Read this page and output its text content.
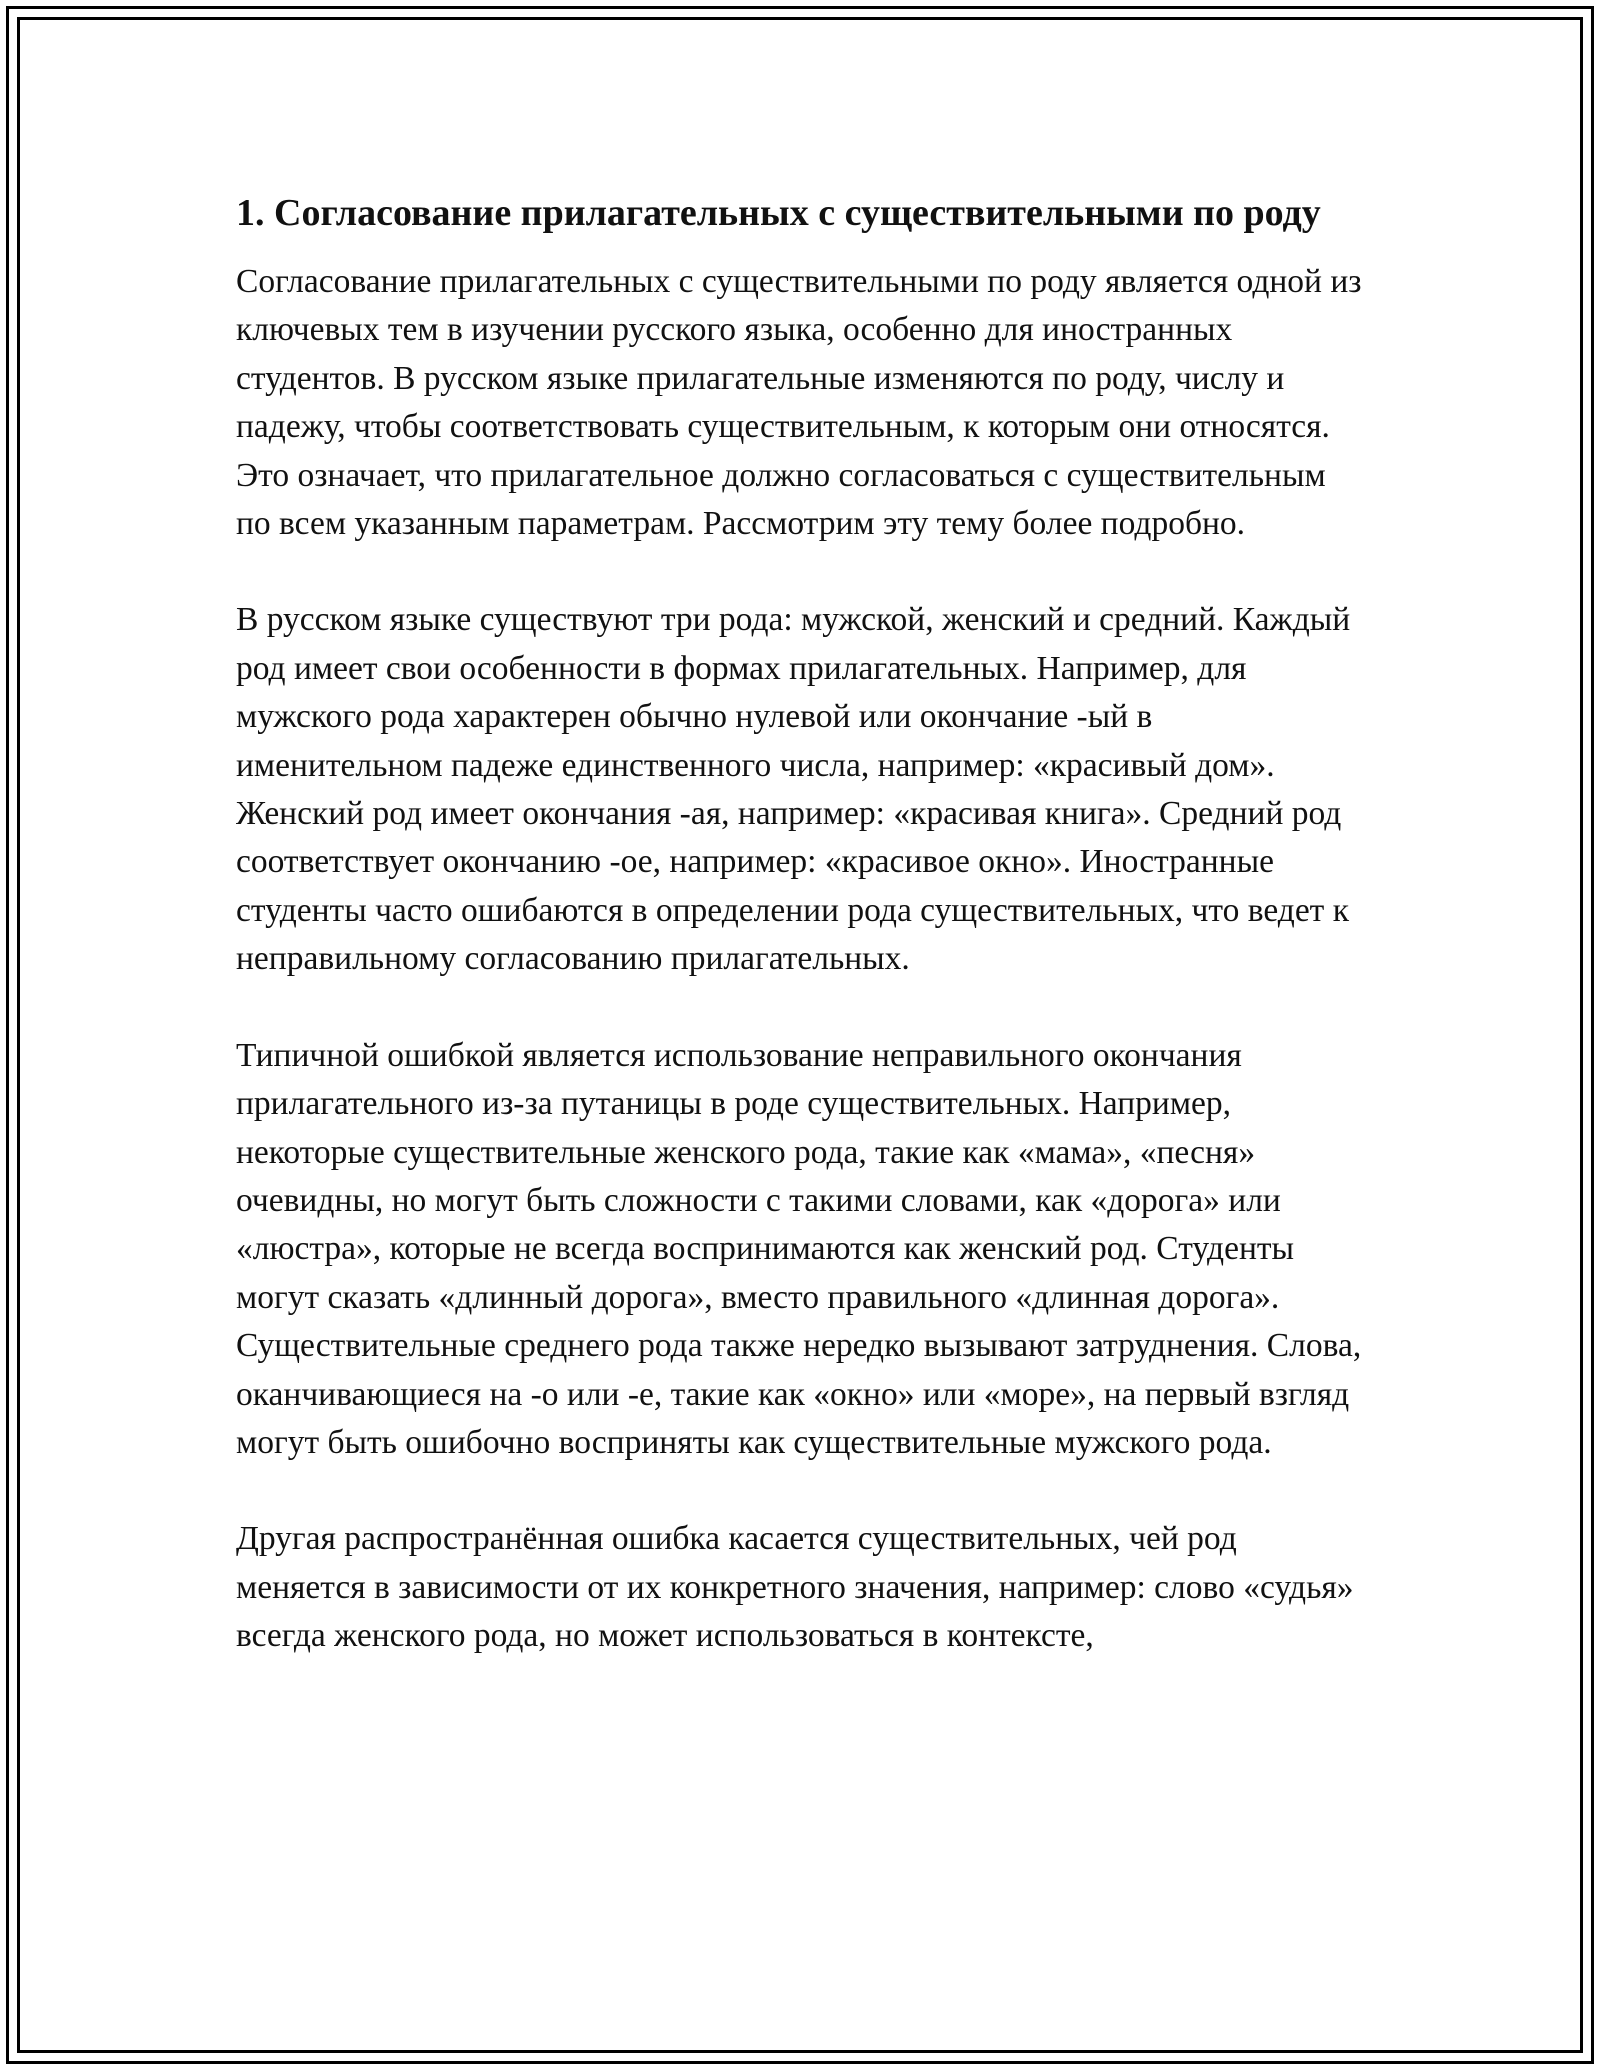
1. Согласование прилагательных с существительными по роду

Согласование прилагательных с существительными по роду является одной из ключевых тем в изучении русского языка, особенно для иностранных студентов. В русском языке прилагательные изменяются по роду, числу и падежу, чтобы соответствовать существительным, к которым они относятся. Это означает, что прилагательное должно согласоваться с существительным по всем указанным параметрам. Рассмотрим эту тему более подробно.

В русском языке существуют три рода: мужской, женский и средний. Каждый род имеет свои особенности в формах прилагательных. Например, для мужского рода характерен обычно нулевой или окончание -ый в именительном падеже единственного числа, например: «красивый дом». Женский род имеет окончания -ая, например: «красивая книга». Средний род соответствует окончанию -ое, например: «красивое окно». Иностранные студенты часто ошибаются в определении рода существительных, что ведет к неправильному согласованию прилагательных.

Типичной ошибкой является использование неправильного окончания прилагательного из-за путаницы в роде существительных. Например, некоторые существительные женского рода, такие как «мама», «песня» очевидны, но могут быть сложности с такими словами, как «дорога» или «люстра», которые не всегда воспринимаются как женский род. Студенты могут сказать «длинный дорога», вместо правильного «длинная дорога». Существительные среднего рода также нередко вызывают затруднения. Слова, оканчивающиеся на -о или -е, такие как «окно» или «море», на первый взгляд могут быть ошибочно восприняты как существительные мужского рода.

Другая распространённая ошибка касается существительных, чей род меняется в зависимости от их конкретного значения, например: слово «судья» всегда женского рода, но может использоваться в контексте,
